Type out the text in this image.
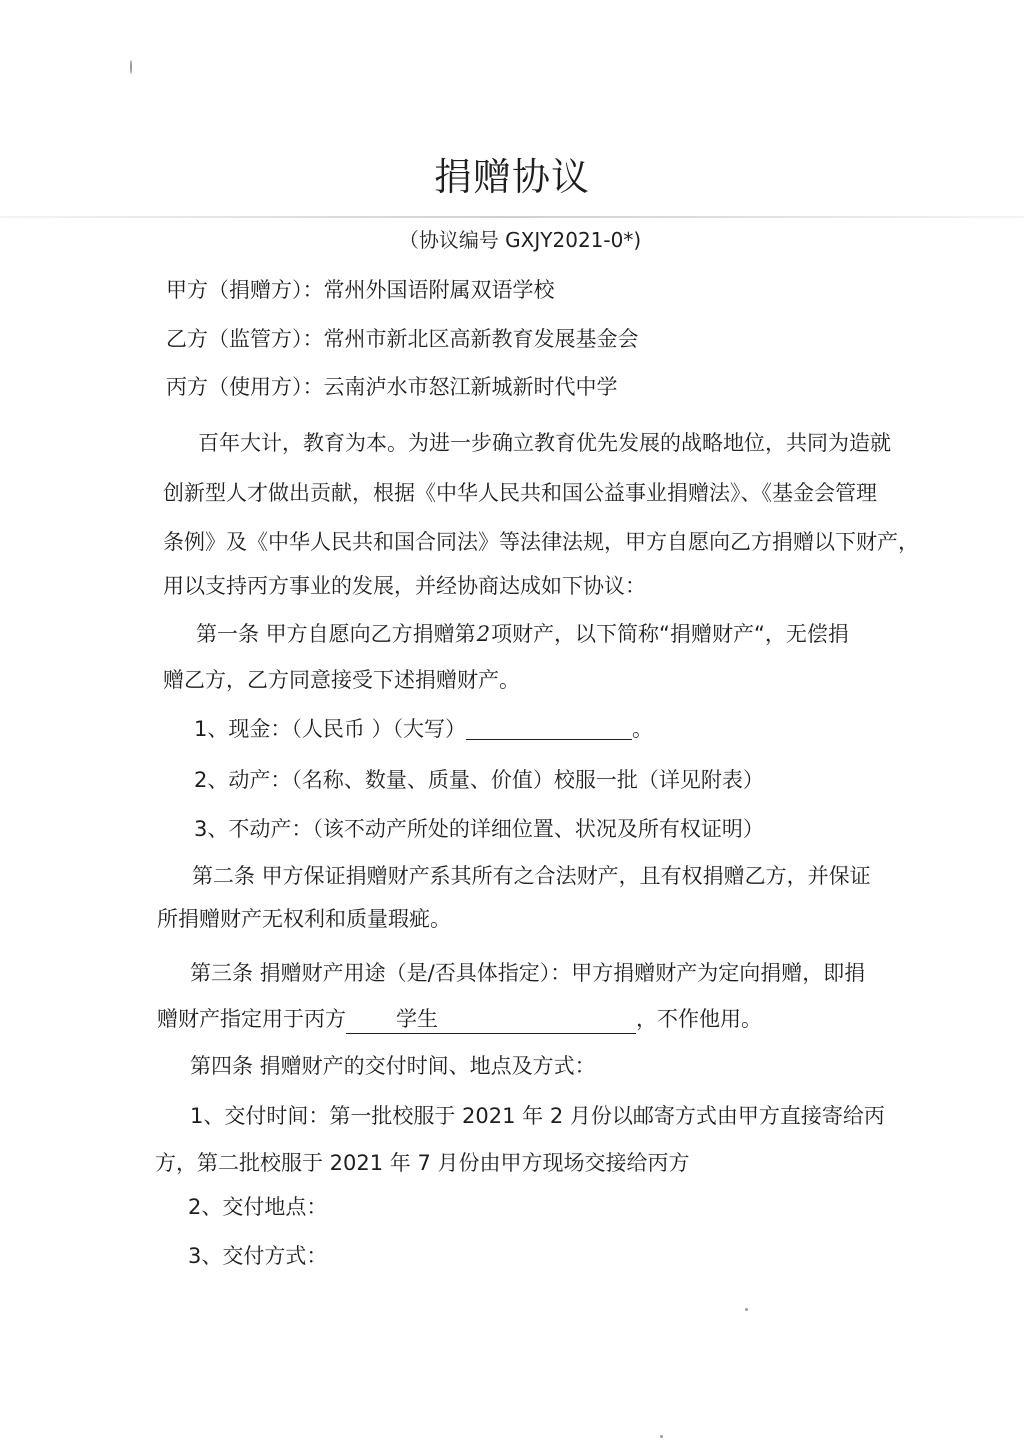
捐赠协议
（协议编号 GXJY2021-0*)
甲方（捐赠方）：常州外国语附属双语学校
乙方（监管方）：常州市新北区高新教育发展基金会
丙方（使用方）：云南泸水市怒江新城新时代中学
百年大计，教育为本。为进一步确立教育优先发展的战略地位，共同为造就
创新型人才做出贡献，根据《中华人民共和国公益事业捐赠法》、《基金会管理
条例》及《中华人民共和国合同法》等法律法规，甲方自愿向乙方捐赠以下财产，
用以支持丙方事业的发展，并经协商达成如下协议：
第一条 甲方自愿向乙方捐赠第2项财产，以下简称“捐赠财产“，无偿捐
赠乙方，乙方同意接受下述捐赠财产。
1、现金：（人民币 ）（大写）	。
2、动产：（名称、数量、质量、价值）校服一批（详见附表）
3、不动产：（该不动产所处的详细位置、状况及所有权证明）
第二条 甲方保证捐赠财产系其所有之合法财产，且有权捐赠乙方，并保证
所捐赠财产无权利和质量瑕疵。
第三条 捐赠财产用途（是/否具体指定）：甲方捐赠财产为定向捐赠，即捐
赠财产指定用于丙方 学生	，不作他用。
第四条 捐赠财产的交付时间、地点及方式：
1、交付时间：第一批校服于 2021 年 2 月份以邮寄方式由甲方直接寄给丙
方，第二批校服于 2021 年 7 月份由甲方现场交接给丙方
2、交付地点：
3、交付方式：
